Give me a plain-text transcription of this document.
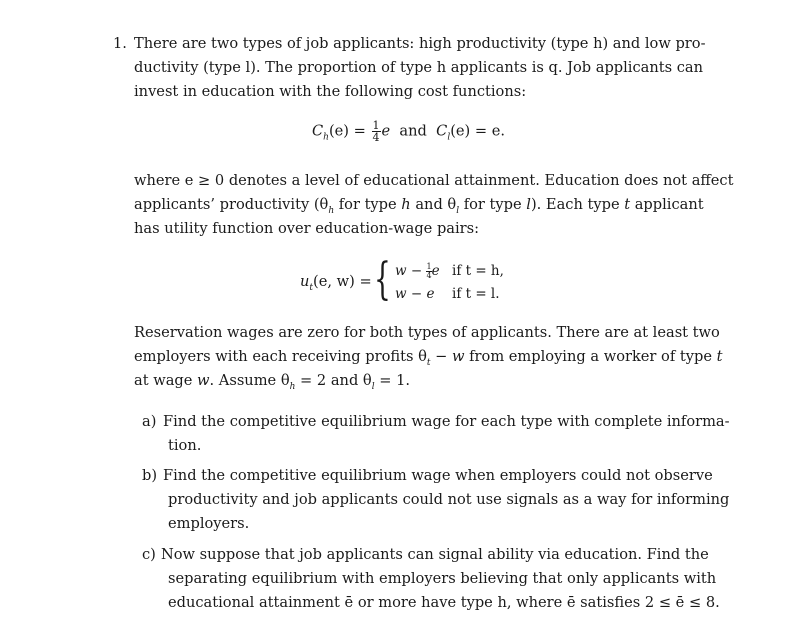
1. There are two types of job applicants: high productivity (type h) and low pro-
ductivity (type l). The proportion of type h applicants is q. Job applicants can
invest in education with the following cost functions:
$C_h(e) = \frac{1}{4}$ e and $C_l(e) = e$.
where e ≥ 0 denotes a level of educational attainment. Education does not affect
applicants’ productivity ($\theta_h$ for type h and $\theta_l$ for type l). Each type t applicant
has utility function over education-wage pairs:
$u_t(e$, w) = { $w - \frac{1}{4}$ e if t = h,
w − e if t = l.
Reservation wages are zero for both types of applicants. There are at least two
employers with each receiving profits $\theta_t - w$ from employing a worker of type t
at wage w. Assume $\theta_h = 2$ and $\theta_l = 1$.
a) Find the competitive equilibrium wage for each type with complete informa-
tion.
b) Find the competitive equilibrium wage when employers could not observe
productivity and job applicants could not use signals as a way for informing
employers.
c) Now suppose that job applicants can signal ability via education. Find the
separating equilibrium with employers believing that only applicants with
educational attainment ē or more have type h, where ē satisfies 2 ≤ ē ≤ 8.
